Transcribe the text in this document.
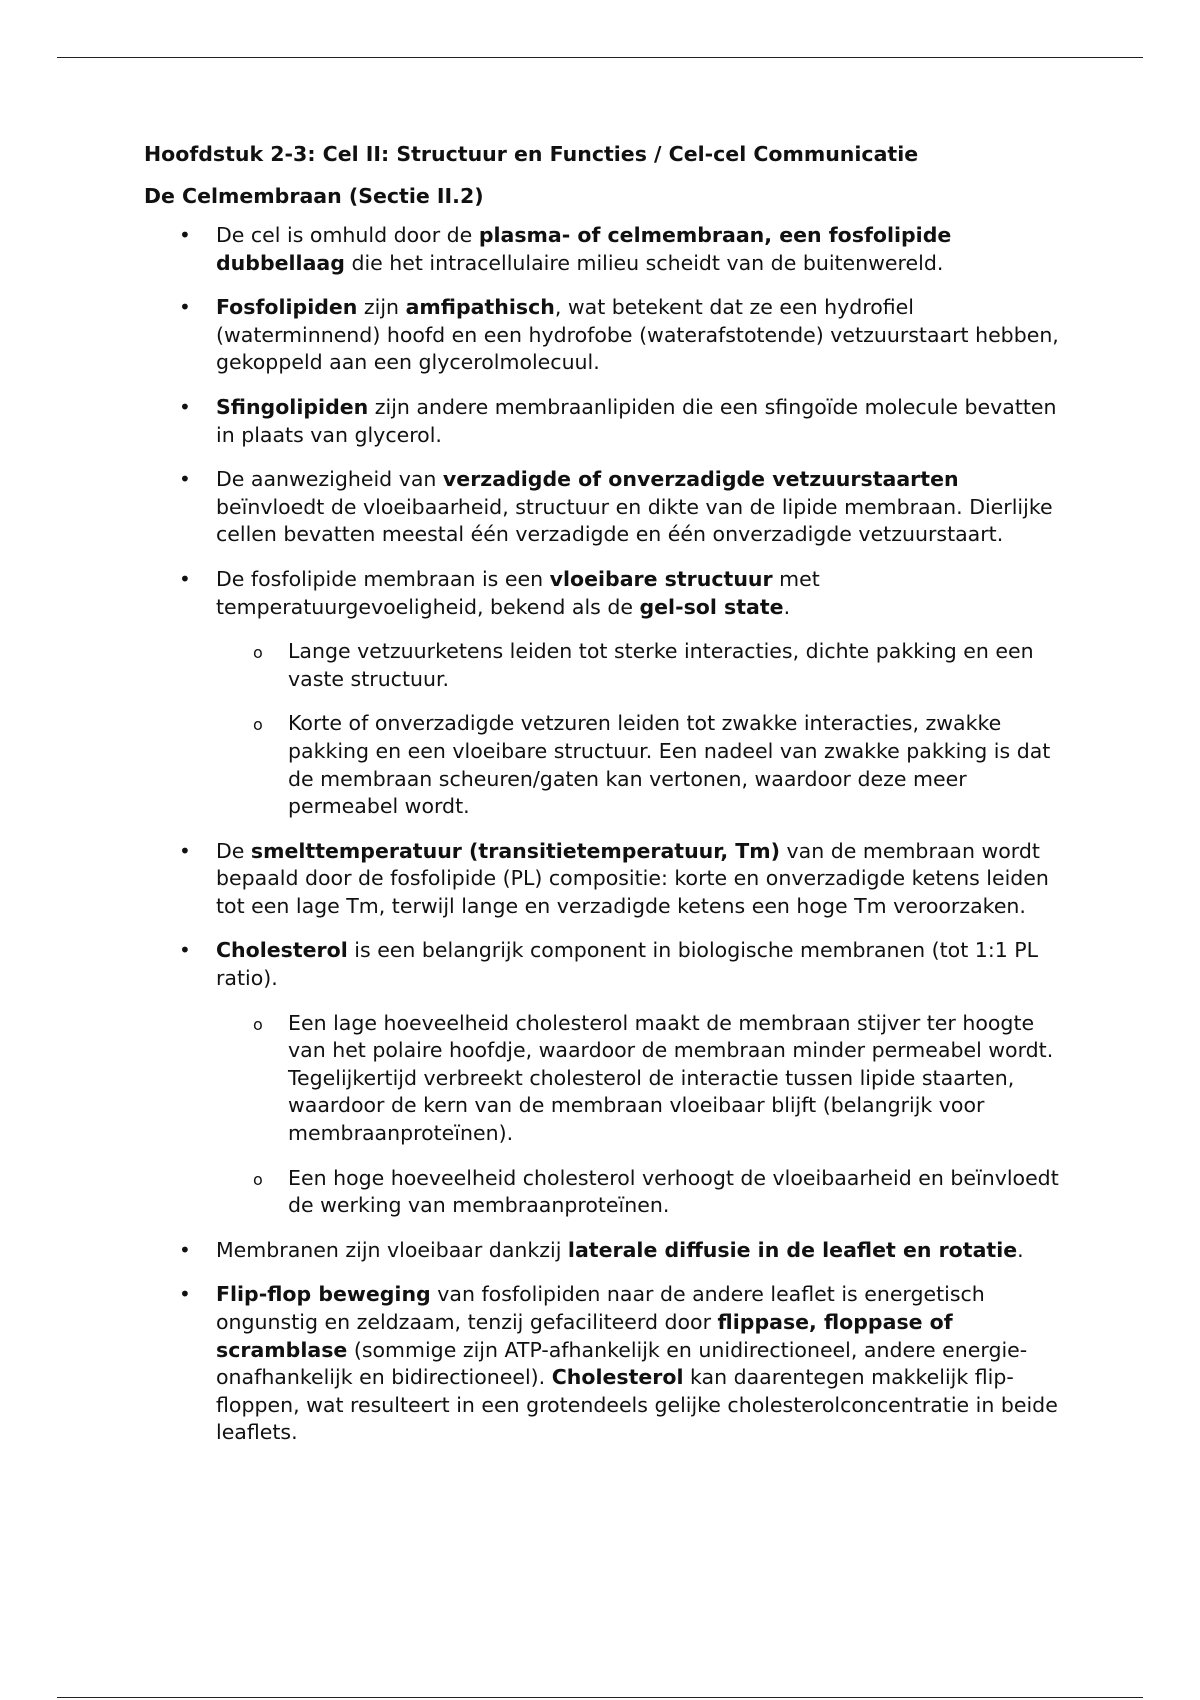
Hoofdstuk 2-3: Cel II: Structuur en Functies / Cel-cel Communicatie
De Celmembraan (Sectie II.2)
• De cel is omhuld door de plasma- of celmembraan, een fosfolipide dubbellaag die het intracellulaire milieu scheidt van de buitenwereld.
• Fosfolipiden zijn amfipathisch, wat betekent dat ze een hydrofiel (waterminnend) hoofd en een hydrofobe (waterafstotende) vetzuurstaart hebben, gekoppeld aan een glycerolmolecuul.
• Sfingolipiden zijn andere membraanlipiden die een sfingoïde molecule bevatten in plaats van glycerol.
• De aanwezigheid van verzadigde of onverzadigde vetzuurstaarten beïnvloedt de vloeibaarheid, structuur en dikte van de lipide membraan. Dierlijke cellen bevatten meestal één verzadigde en één onverzadigde vetzuurstaart.
• De fosfolipide membraan is een vloeibare structuur met temperatuurgevoeligheid, bekend als de gel-sol state.
o Lange vetzuurketens leiden tot sterke interacties, dichte pakking en een vaste structuur.
o Korte of onverzadigde vetzuren leiden tot zwakke interacties, zwakke pakking en een vloeibare structuur. Een nadeel van zwakke pakking is dat de membraan scheuren/gaten kan vertonen, waardoor deze meer permeabel wordt.
• De smelttemperatuur (transitietemperatuur, Tm) van de membraan wordt bepaald door de fosfolipide (PL) compositie: korte en onverzadigde ketens leiden tot een lage Tm, terwijl lange en verzadigde ketens een hoge Tm veroorzaken.
• Cholesterol is een belangrijk component in biologische membranen (tot 1:1 PL ratio).
o Een lage hoeveelheid cholesterol maakt de membraan stijver ter hoogte van het polaire hoofdje, waardoor de membraan minder permeabel wordt. Tegelijkertijd verbreekt cholesterol de interactie tussen lipide staarten, waardoor de kern van de membraan vloeibaar blijft (belangrijk voor membraanproteïnen).
o Een hoge hoeveelheid cholesterol verhoogt de vloeibaarheid en beïnvloedt de werking van membraanproteïnen.
• Membranen zijn vloeibaar dankzij laterale diffusie in de leaflet en rotatie.
• Flip-flop beweging van fosfolipiden naar de andere leaflet is energetisch ongunstig en zeldzaam, tenzij gefaciliteerd door flippase, floppase of scramblase (sommige zijn ATP-afhankelijk en unidirectioneel, andere energie-onafhankelijk en bidirectioneel). Cholesterol kan daarentegen makkelijk flip-floppen, wat resulteert in een grotendeels gelijke cholesterolconcentratie in beide leaflets.
